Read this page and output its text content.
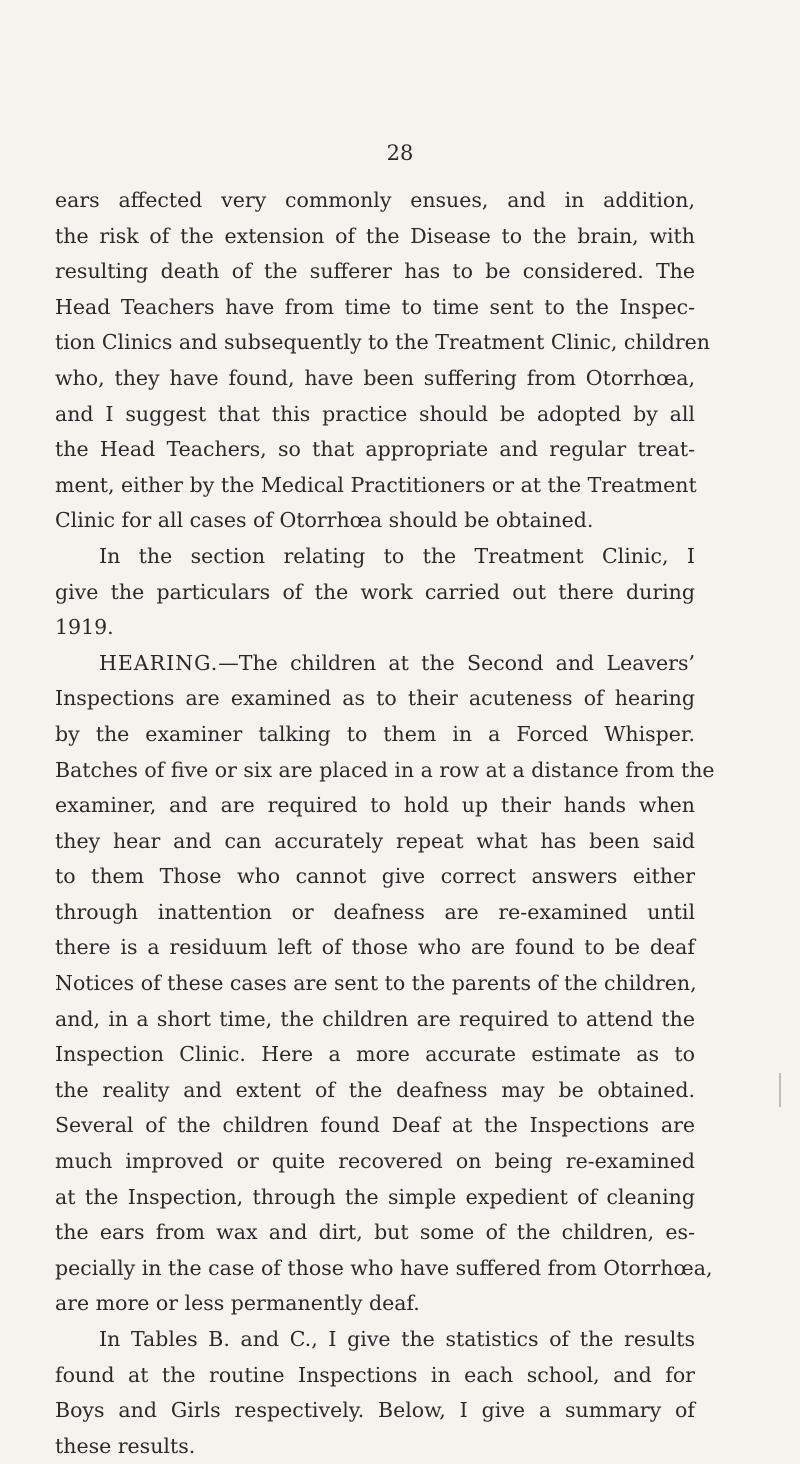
28
ears affected very commonly ensues, and in addition,
the risk of the extension of the Disease to the brain, with
resulting death of the sufferer has to be considered. The
Head Teachers have from time to time sent to the Inspec-
tion Clinics and subsequently to the Treatment Clinic, children
who, they have found, have been suffering from Otorrhœa,
and I suggest that this practice should be adopted by all
the Head Teachers, so that appropriate and regular treat-
ment, either by the Medical Practitioners or at the Treatment
Clinic for all cases of Otorrhœa should be obtained.
In the section relating to the Treatment Clinic, I
give the particulars of the work carried out there during
1919.
HEARING.—The children at the Second and Leavers’
Inspections are examined as to their acuteness of hearing
by the examiner talking to them in a Forced Whisper.
Batches of five or six are placed in a row at a distance from the
examiner, and are required to hold up their hands when
they hear and can accurately repeat what has been said
to them Those who cannot give correct answers either
through inattention or deafness are re-examined until
there is a residuum left of those who are found to be deaf
Notices of these cases are sent to the parents of the children,
and, in a short time, the children are required to attend the
Inspection Clinic. Here a more accurate estimate as to
the reality and extent of the deafness may be obtained.
Several of the children found Deaf at the Inspections are
much improved or quite recovered on being re-examined
at the Inspection, through the simple expedient of cleaning
the ears from wax and dirt, but some of the children, es-
pecially in the case of those who have suffered from Otorrhœa,
are more or less permanently deaf.
In Tables B. and C., I give the statistics of the results
found at the routine Inspections in each school, and for
Boys and Girls respectively. Below, I give a summary of
these results.
